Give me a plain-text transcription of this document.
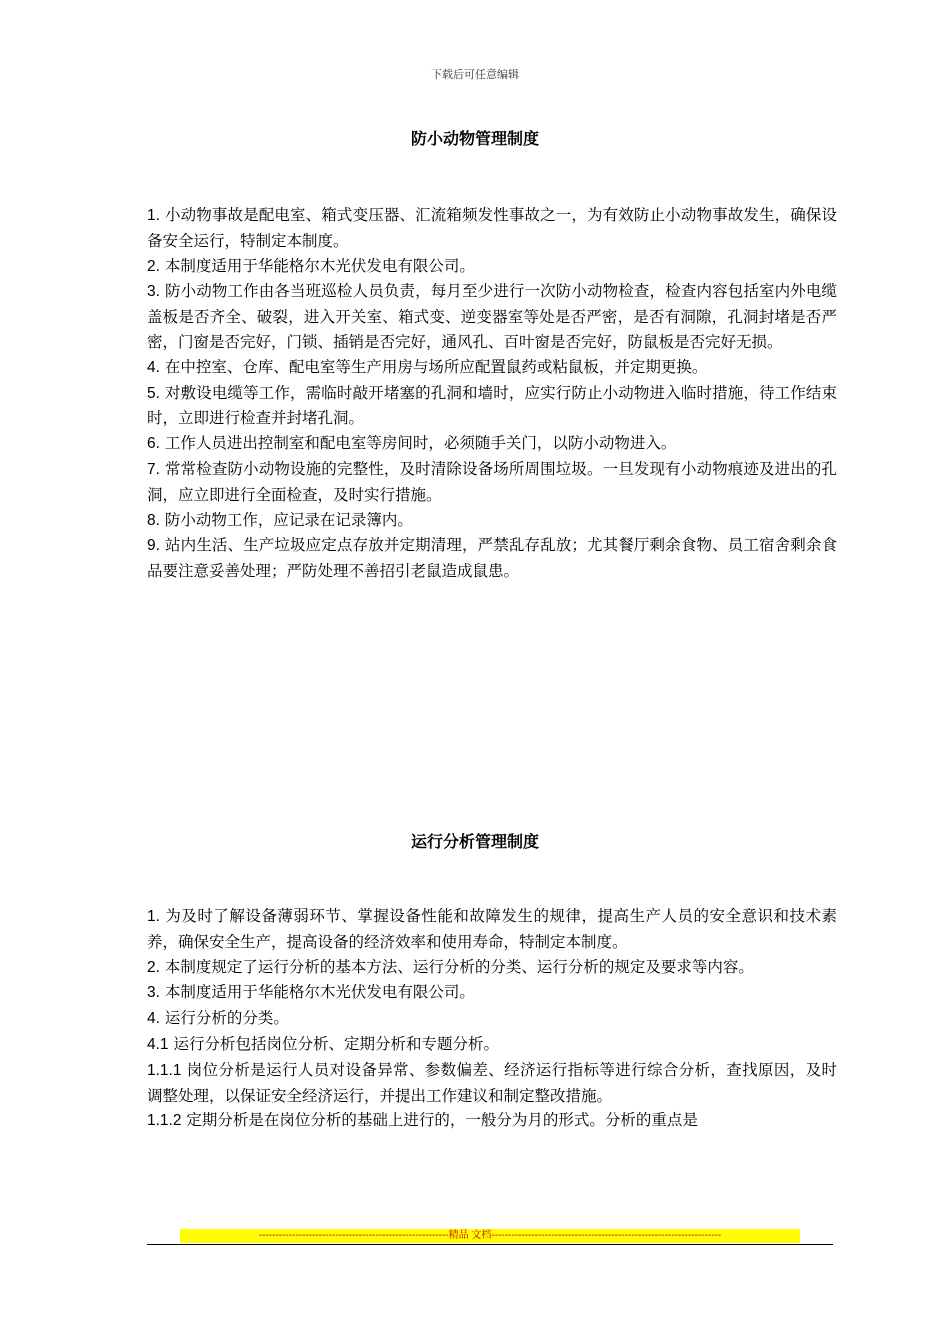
下载后可任意编辑
防小动物管理制度

1. 小动物事故是配电室、箱式变压器、汇流箱频发性事故之一，为有效防止小动物事故发生，确保设备安全运行，特制定本制度。

2. 本制度适用于华能格尔木光伏发电有限公司。

3. 防小动物工作由各当班巡检人员负责，每月至少进行一次防小动物检查，检查内容包括室内外电缆盖板是否齐全、破裂，进入开关室、箱式变、逆变器室等处是否严密，是否有洞隙，孔洞封堵是否严密，门窗是否完好，门锁、插销是否完好，通风孔、百叶窗是否完好，防鼠板是否完好无损。

4. 在中控室、仓库、配电室等生产用房与场所应配置鼠药或粘鼠板，并定期更换。

5. 对敷设电缆等工作，需临时敲开堵塞的孔洞和墙时，应实行防止小动物进入临时措施，待工作结束时，立即进行检查并封堵孔洞。

6. 工作人员进出控制室和配电室等房间时，必须随手关门，以防小动物进入。

7. 常常检查防小动物设施的完整性，及时清除设备场所周围垃圾。一旦发现有小动物痕迹及进出的孔洞，应立即进行全面检查，及时实行措施。

8. 防小动物工作，应记录在记录簿内。

9. 站内生活、生产垃圾应定点存放并定期清理，严禁乱存乱放；尤其餐厅剩余食物、员工宿舍剩余食品要注意妥善处理；严防处理不善招引老鼠造成鼠患。

运行分析管理制度

1. 为及时了解设备薄弱环节、掌握设备性能和故障发生的规律，提高生产人员的安全意识和技术素养，确保安全生产，提高设备的经济效率和使用寿命，特制定本制度。

2. 本制度规定了运行分析的基本方法、运行分析的分类、运行分析的规定及要求等内容。

3. 本制度适用于华能格尔木光伏发电有限公司。

4. 运行分析的分类。

4.1 运行分析包括岗位分析、定期分析和专题分析。

1.1.1 岗位分析是运行人员对设备异常、参数偏差、经济运行指标等进行综合分析，查找原因，及时调整处理，以保证安全经济运行，并提出工作建议和制定整改措施。

1.1.2 定期分析是在岗位分析的基础上进行的，一般分为月的形式。分析的重点是

---------------------------------------------------------精品 文档---------------------------------------------------------------------
